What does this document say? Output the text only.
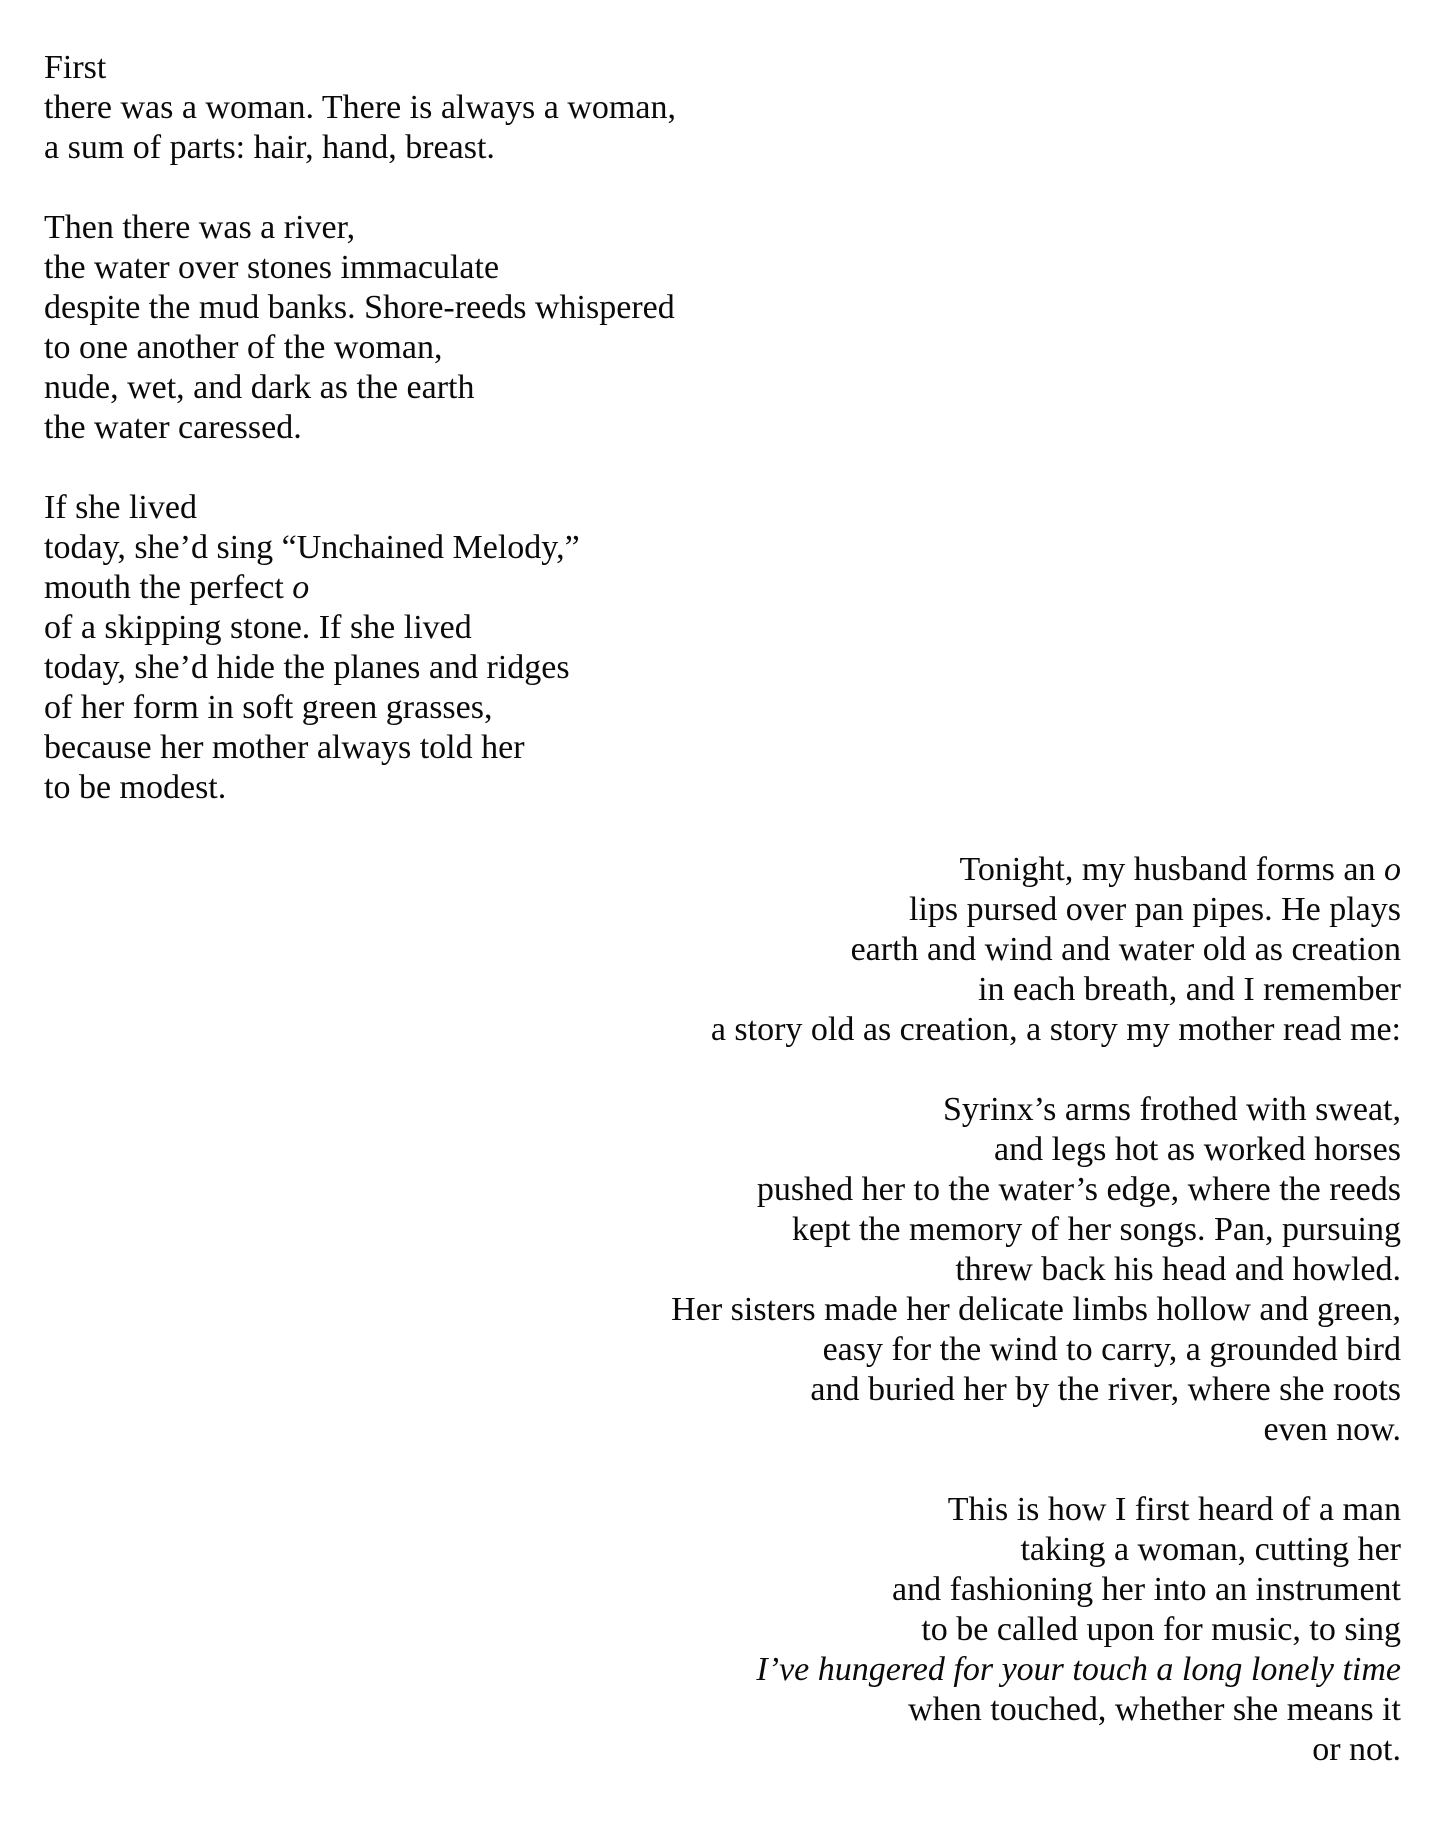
First
there was a woman. There is always a woman,
a sum of parts: hair, hand, breast.
Then there was a river,
the water over stones immaculate
despite the mud banks. Shore-reeds whispered
to one another of the woman,
nude, wet, and dark as the earth
the water caressed.
If she lived
today, she’d sing “Unchained Melody,”
mouth the perfect o
of a skipping stone. If she lived
today, she’d hide the planes and ridges
of her form in soft green grasses,
because her mother always told her
to be modest.
Tonight, my husband forms an o
lips pursed over pan pipes. He plays
earth and wind and water old as creation
in each breath, and I remember
a story old as creation, a story my mother read me:
Syrinx’s arms frothed with sweat,
and legs hot as worked horses
pushed her to the water’s edge, where the reeds
kept the memory of her songs. Pan, pursuing
threw back his head and howled.
Her sisters made her delicate limbs hollow and green,
easy for the wind to carry, a grounded bird
and buried her by the river, where she roots
even now.
This is how I first heard of a man
taking a woman, cutting her
and fashioning her into an instrument
to be called upon for music, to sing
I’ve hungered for your touch a long lonely time
when touched, whether she means it
or not.
